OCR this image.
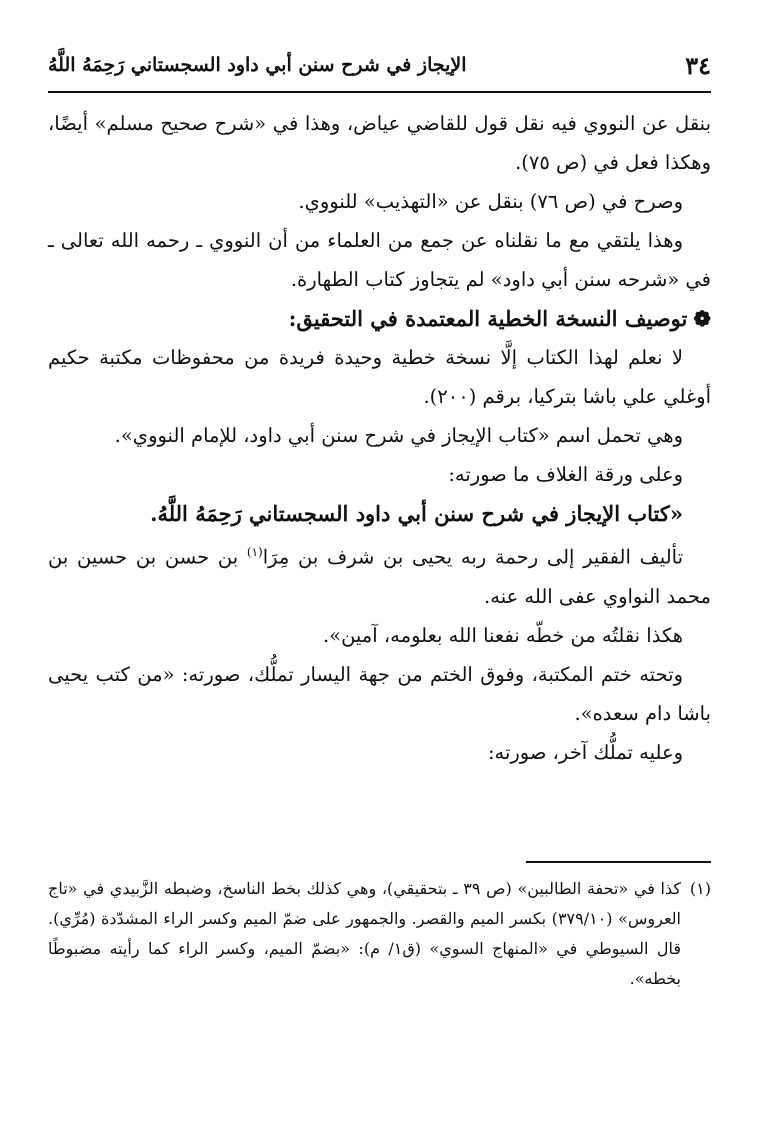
٣٤
الإيجاز في شرح سنن أبي داود السجستاني رَحِمَهُ اللَّهُ

بنقل عن النووي فيه نقل قول للقاضي عياض، وهذا في «شرح صحيح مسلم» أيضًا، وهكذا فعل في (ص ٧٥).

وصرح في (ص ٧٦) بنقل عن «التهذيب» للنووي.

وهذا يلتقي مع ما نقلناه عن جمع من العلماء من أن النووي ـ رحمه الله تعالى ـ في «شرحه سنن أبي داود» لم يتجاوز كتاب الطهارة.

❁توصيف النسخة الخطية المعتمدة في التحقيق:

لا نعلم لهذا الكتاب إلَّا نسخة خطية وحيدة فريدة من محفوظات مكتبة حكيم أوغلي علي باشا بتركيا، برقم (٢٠٠).

وهي تحمل اسم «كتاب الإيجاز في شرح سنن أبي داود، للإمام النووي».

وعلى ورقة الغلاف ما صورته:

«كتاب الإيجاز في شرح سنن أبي داود السجستاني رَحِمَهُ اللَّهُ.

تأليف الفقير إلى رحمة ربه يحيى بن شرف بن مِرَا$^{(١)}$ بن حسن بن حسين بن محمد النواوي عفى الله عنه.

هكذا نقلتُه من خطّه نفعنا الله بعلومه، آمين».

وتحته ختم المكتبة، وفوق الختم من جهة اليسار تملُّك، صورته: «من كتب يحيى باشا دام سعده».

وعليه تملُّك آخر، صورته:

(١)
كذا في «تحفة الطالبين» (ص ٣٩ ـ بتحقيقي)، وهي كذلك بخط الناسخ، وضبطه الزَّبيدي في «تاج العروس» (٣٧٩/١٠) بكسر الميم والقصر. والجمهور على ضمّ الميم وكسر الراء المشدّدة (مُرِّي). قال السيوطي في «المنهاج السوي» (ق١/ م): «بضمّ الميم، وكسر الراء كما رأيته مضبوطًا بخطه».
